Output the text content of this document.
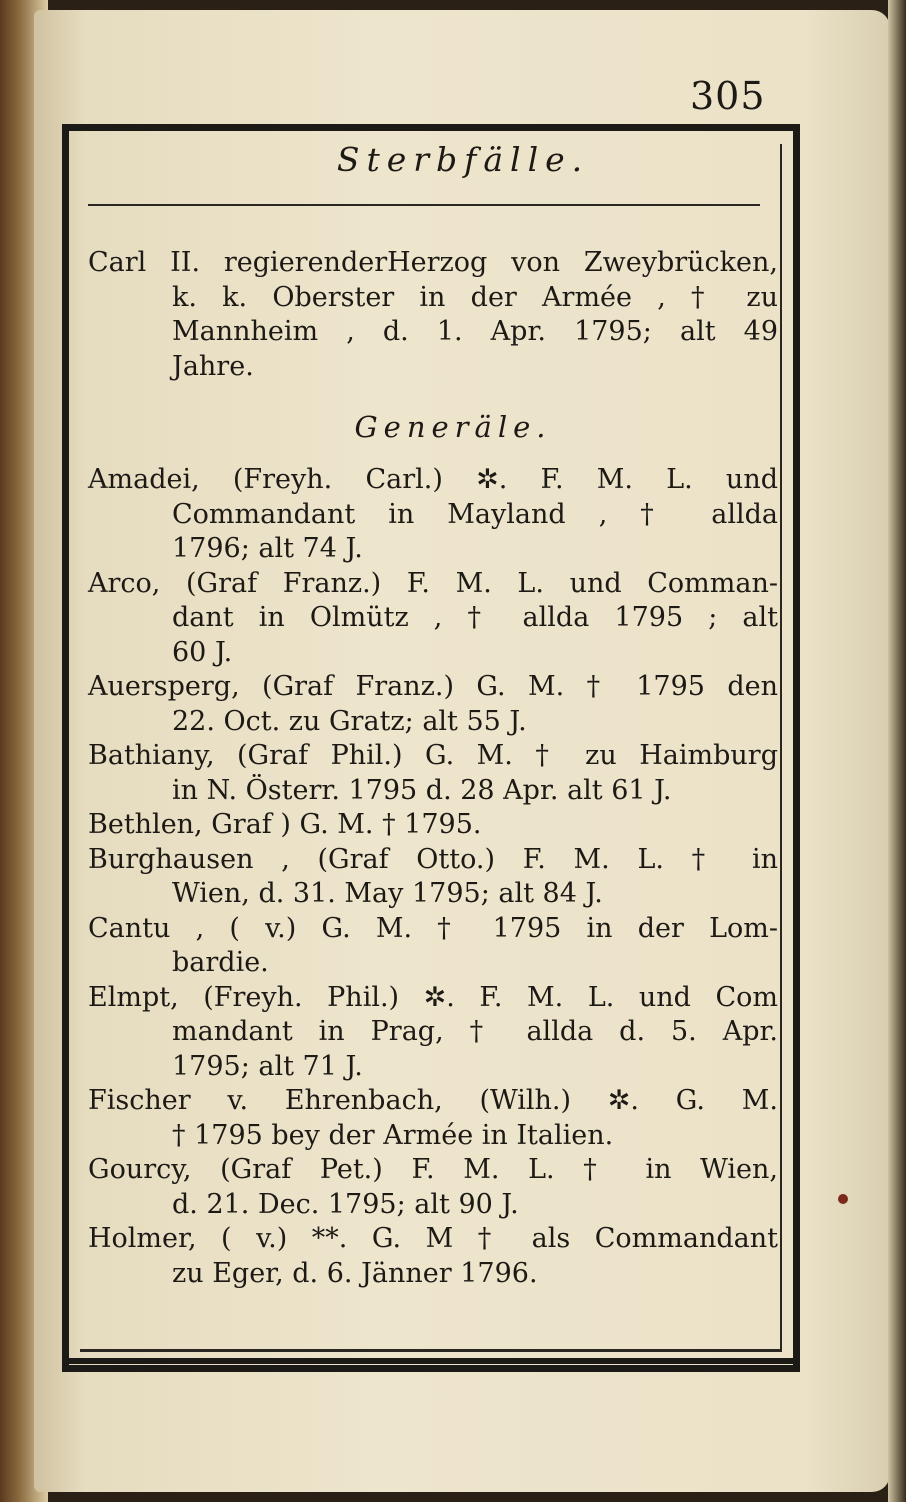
305
Sterbfälle.
Carl II. regierenderHerzog von Zweybrücken,
k. k. Oberster in der Armée , † zu
Mannheim , d. 1. Apr. 1795; alt 49
Jahre.
Generäle.
Amadei, (Freyh. Carl.) ✲. F. M. L. und
Commandant in Mayland , † allda
1796; alt 74 J.
Arco, (Graf Franz.) F. M. L. und Comman-
dant in Olmütz , † allda 1795 ; alt
60 J.
Auersperg, (Graf Franz.) G. M. † 1795 den
22. Oct. zu Gratz; alt 55 J.
Bathiany, (Graf Phil.) G. M. † zu Haimburg
in N. Österr. 1795 d. 28 Apr. alt 61 J.
Bethlen, Graf ) G. M. † 1795.
Burghausen , (Graf Otto.) F. M. L. † in
Wien, d. 31. May 1795; alt 84 J.
Cantu , ( v.) G. M. † 1795 in der Lom-
bardie.
Elmpt, (Freyh. Phil.) ✲. F. M. L. und Com
mandant in Prag, † allda d. 5. Apr.
1795; alt 71 J.
Fischer v. Ehrenbach, (Wilh.) ✲. G. M.
† 1795 bey der Armée in Italien.
Gourcy, (Graf Pet.) F. M. L. † in Wien,
d. 21. Dec. 1795; alt 90 J.
Holmer, ( v.) **. G. M † als Commandant
zu Eger, d. 6. Jänner 1796.
